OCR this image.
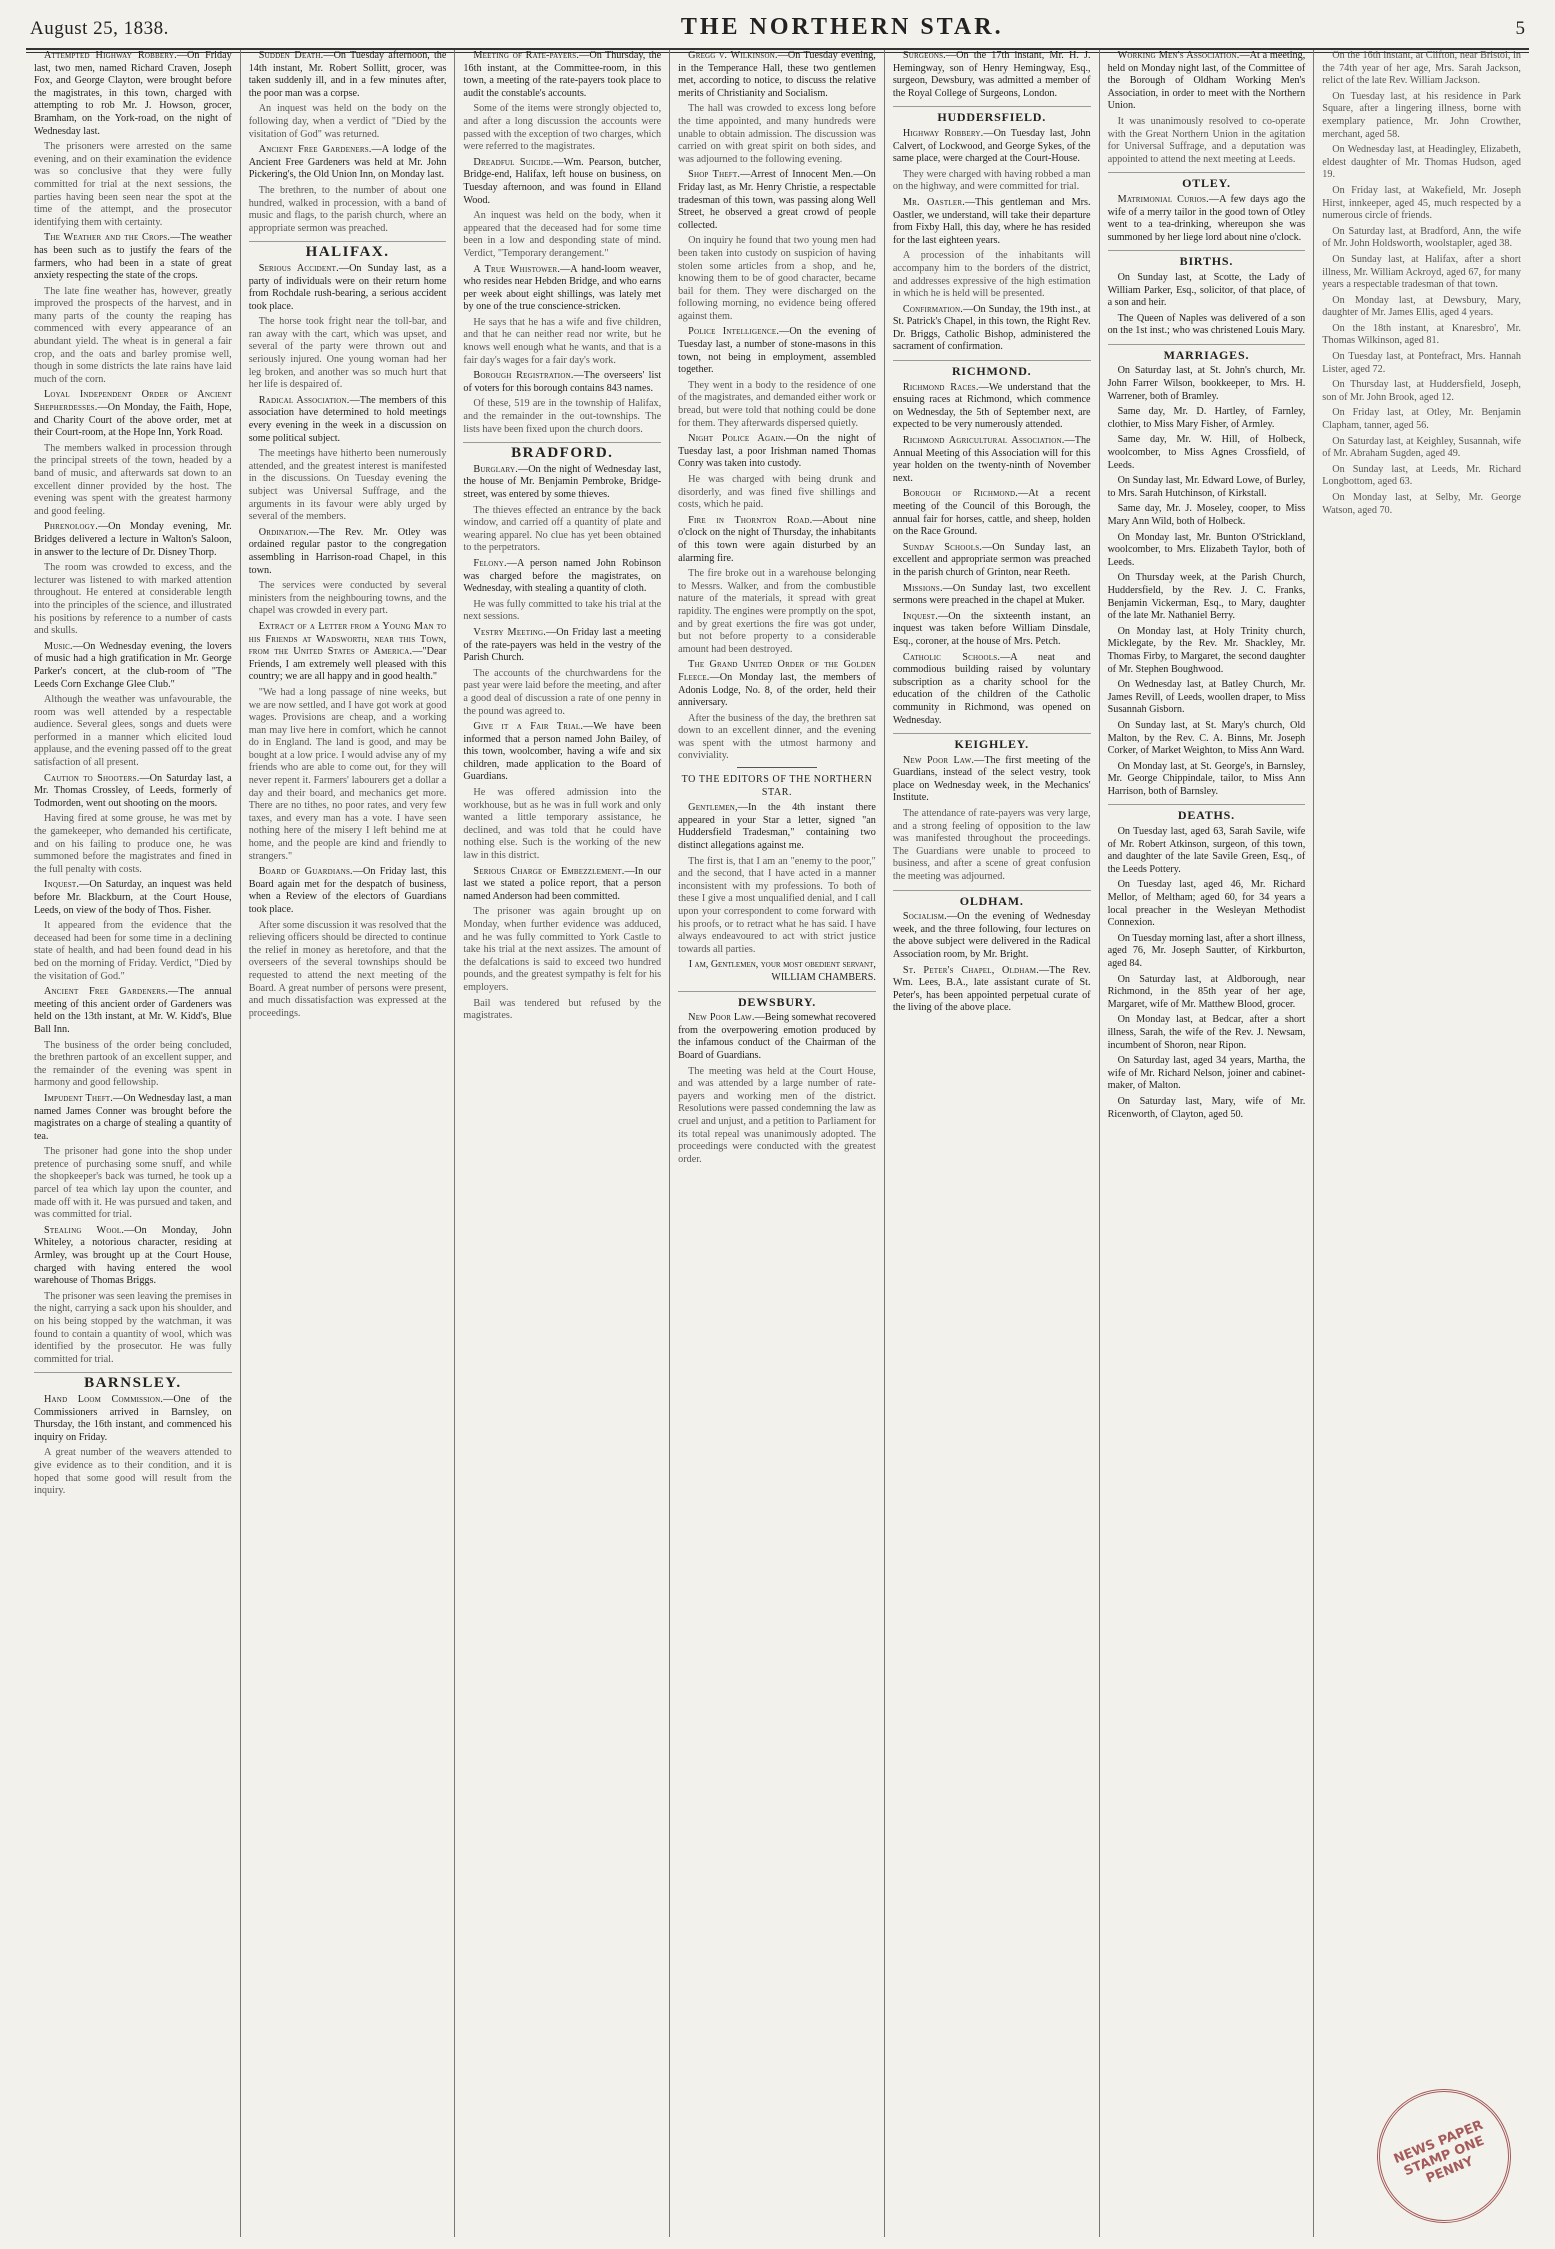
August 25, 1838.	THE NORTHERN STAR.	5

Attempted Highway Robbery.—On Friday last, two men, named Richard Craven, Joseph Fox, and George Clayton, were brought before the magistrates, in this town, charged with attempting to rob Mr. J. Howson, grocer, Bramham, on the York-road, on the night of Wednesday last.

The prisoners were arrested on the same evening, and on their examination the evidence was so conclusive that they were fully committed for trial at the next sessions, the parties having been seen near the spot at the time of the attempt, and the prosecutor identifying them with certainty.

The Weather and the Crops.—The weather has been such as to justify the fears of the farmers, who had been in a state of great anxiety respecting the state of the crops.

The late fine weather has, however, greatly improved the prospects of the harvest, and in many parts of the county the reaping has commenced with every appearance of an abundant yield. The wheat is in general a fair crop, and the oats and barley promise well, though in some districts the late rains have laid much of the corn.

Loyal Independent Order of Ancient Shepherdesses.—On Monday, the Faith, Hope, and Charity Court of the above order, met at their Court-room, at the Hope Inn, York Road.

The members walked in procession through the principal streets of the town, headed by a band of music, and afterwards sat down to an excellent dinner provided by the host. The evening was spent with the greatest harmony and good feeling.

Phrenology.—On Monday evening, Mr. Bridges delivered a lecture in Walton's Saloon, in answer to the lecture of Dr. Disney Thorp.

The room was crowded to excess, and the lecturer was listened to with marked attention throughout. He entered at considerable length into the principles of the science, and illustrated his positions by reference to a number of casts and skulls.

Music.—On Wednesday evening, the lovers of music had a high gratification in Mr. George Parker's concert, at the club-room of "The Leeds Corn Exchange Glee Club."

Although the weather was unfavourable, the room was well attended by a respectable audience. Several glees, songs and duets were performed in a manner which elicited loud applause, and the evening passed off to the great satisfaction of all present.

Caution to Shooters.—On Saturday last, a Mr. Thomas Crossley, of Leeds, formerly of Todmorden, went out shooting on the moors.

Having fired at some grouse, he was met by the gamekeeper, who demanded his certificate, and on his failing to produce one, he was summoned before the magistrates and fined in the full penalty with costs.

Inquest.—On Saturday, an inquest was held before Mr. Blackburn, at the Court House, Leeds, on view of the body of Thos. Fisher.

It appeared from the evidence that the deceased had been for some time in a declining state of health, and had been found dead in his bed on the morning of Friday. Verdict, "Died by the visitation of God."

Ancient Free Gardeners.—The annual meeting of this ancient order of Gardeners was held on the 13th instant, at Mr. W. Kidd's, Blue Ball Inn.

The business of the order being concluded, the brethren partook of an excellent supper, and the remainder of the evening was spent in harmony and good fellowship.

Impudent Theft.—On Wednesday last, a man named James Conner was brought before the magistrates on a charge of stealing a quantity of tea.

The prisoner had gone into the shop under pretence of purchasing some snuff, and while the shopkeeper's back was turned, he took up a parcel of tea which lay upon the counter, and made off with it. He was pursued and taken, and was committed for trial.

Stealing Wool.—On Monday, John Whiteley, a notorious character, residing at Armley, was brought up at the Court House, charged with having entered the wool warehouse of Thomas Briggs.

The prisoner was seen leaving the premises in the night, carrying a sack upon his shoulder, and on his being stopped by the watchman, it was found to contain a quantity of wool, which was identified by the prosecutor. He was fully committed for trial.

BARNSLEY.

Hand Loom Commission.—One of the Commissioners arrived in Barnsley, on Thursday, the 16th instant, and commenced his inquiry on Friday.

A great number of the weavers attended to give evidence as to their condition, and it is hoped that some good will result from the inquiry.

Sudden Death.—On Tuesday afternoon, the 14th instant, Mr. Robert Sollitt, grocer, was taken suddenly ill, and in a few minutes after, the poor man was a corpse.

An inquest was held on the body on the following day, when a verdict of "Died by the visitation of God" was returned.

Ancient Free Gardeners.—A lodge of the Ancient Free Gardeners was held at Mr. John Pickering's, the Old Union Inn, on Monday last.

The brethren, to the number of about one hundred, walked in procession, with a band of music and flags, to the parish church, where an appropriate sermon was preached.

HALIFAX.

Serious Accident.—On Sunday last, as a party of individuals were on their return home from Rochdale rush-bearing, a serious accident took place.

The horse took fright near the toll-bar, and ran away with the cart, which was upset, and several of the party were thrown out and seriously injured. One young woman had her leg broken, and another was so much hurt that her life is despaired of.

Radical Association.—The members of this association have determined to hold meetings every evening in the week in a discussion on some political subject.

The meetings have hitherto been numerously attended, and the greatest interest is manifested in the discussions. On Tuesday evening the subject was Universal Suffrage, and the arguments in its favour were ably urged by several of the members.

Ordination.—The Rev. Mr. Otley was ordained regular pastor to the congregation assembling in Harrison-road Chapel, in this town.

The services were conducted by several ministers from the neighbouring towns, and the chapel was crowded in every part.

Extract of a Letter from a Young Man to his Friends at Wadsworth, near this Town, from the United States of America.—"Dear Friends, I am extremely well pleased with this country; we are all happy and in good health."

"We had a long passage of nine weeks, but we are now settled, and I have got work at good wages. Provisions are cheap, and a working man may live here in comfort, which he cannot do in England. The land is good, and may be bought at a low price. I would advise any of my friends who are able to come out, for they will never repent it. Farmers' labourers get a dollar a day and their board, and mechanics get more. There are no tithes, no poor rates, and very few taxes, and every man has a vote. I have seen nothing here of the misery I left behind me at home, and the people are kind and friendly to strangers."

Board of Guardians.—On Friday last, this Board again met for the despatch of business, when a Review of the electors of Guardians took place.

After some discussion it was resolved that the relieving officers should be directed to continue the relief in money as heretofore, and that the overseers of the several townships should be requested to attend the next meeting of the Board. A great number of persons were present, and much dissatisfaction was expressed at the proceedings.

Meeting of Rate-payers.—On Thursday, the 16th instant, at the Committee-room, in this town, a meeting of the rate-payers took place to audit the constable's accounts.

Some of the items were strongly objected to, and after a long discussion the accounts were passed with the exception of two charges, which were referred to the magistrates.

Dreadful Suicide.—Wm. Pearson, butcher, Bridge-end, Halifax, left house on business, on Tuesday afternoon, and was found in Elland Wood.

An inquest was held on the body, when it appeared that the deceased had for some time been in a low and desponding state of mind. Verdict, "Temporary derangement."

A True Whistower.—A hand-loom weaver, who resides near Hebden Bridge, and who earns per week about eight shillings, was lately met by one of the true conscience-stricken.

He says that he has a wife and five children, and that he can neither read nor write, but he knows well enough what he wants, and that is a fair day's wages for a fair day's work.

Borough Registration.—The overseers' list of voters for this borough contains 843 names.

Of these, 519 are in the township of Halifax, and the remainder in the out-townships. The lists have been fixed upon the church doors.

BRADFORD.

Burglary.—On the night of Wednesday last, the house of Mr. Benjamin Pembroke, Bridge-street, was entered by some thieves.

The thieves effected an entrance by the back window, and carried off a quantity of plate and wearing apparel. No clue has yet been obtained to the perpetrators.

Felony.—A person named John Robinson was charged before the magistrates, on Wednesday, with stealing a quantity of cloth.

He was fully committed to take his trial at the next sessions.

Vestry Meeting.—On Friday last a meeting of the rate-payers was held in the vestry of the Parish Church.

The accounts of the churchwardens for the past year were laid before the meeting, and after a good deal of discussion a rate of one penny in the pound was agreed to.

Give it a Fair Trial.—We have been informed that a person named John Bailey, of this town, woolcomber, having a wife and six children, made application to the Board of Guardians.

He was offered admission into the workhouse, but as he was in full work and only wanted a little temporary assistance, he declined, and was told that he could have nothing else. Such is the working of the new law in this district.

Serious Charge of Embezzlement.—In our last we stated a police report, that a person named Anderson had been committed.

The prisoner was again brought up on Monday, when further evidence was adduced, and he was fully committed to York Castle to take his trial at the next assizes. The amount of the defalcations is said to exceed two hundred pounds, and the greatest sympathy is felt for his employers.

Bail was tendered but refused by the magistrates.

Gregg v. Wilkinson.—On Tuesday evening, in the Temperance Hall, these two gentlemen met, according to notice, to discuss the relative merits of Christianity and Socialism.

The hall was crowded to excess long before the time appointed, and many hundreds were unable to obtain admission. The discussion was carried on with great spirit on both sides, and was adjourned to the following evening.

Shop Theft.—Arrest of Innocent Men.—On Friday last, as Mr. Henry Christie, a respectable tradesman of this town, was passing along Well Street, he observed a great crowd of people collected.

On inquiry he found that two young men had been taken into custody on suspicion of having stolen some articles from a shop, and he, knowing them to be of good character, became bail for them. They were discharged on the following morning, no evidence being offered against them.

Police Intelligence.—On the evening of Tuesday last, a number of stone-masons in this town, not being in employment, assembled together.

They went in a body to the residence of one of the magistrates, and demanded either work or bread, but were told that nothing could be done for them. They afterwards dispersed quietly.

Night Police Again.—On the night of Tuesday last, a poor Irishman named Thomas Conry was taken into custody.

He was charged with being drunk and disorderly, and was fined five shillings and costs, which he paid.

Fire in Thornton Road.—About nine o'clock on the night of Thursday, the inhabitants of this town were again disturbed by an alarming fire.

The fire broke out in a warehouse belonging to Messrs. Walker, and from the combustible nature of the materials, it spread with great rapidity. The engines were promptly on the spot, and by great exertions the fire was got under, but not before property to a considerable amount had been destroyed.

The Grand United Order of the Golden Fleece.—On Monday last, the members of Adonis Lodge, No. 8, of the order, held their anniversary.

After the business of the day, the brethren sat down to an excellent dinner, and the evening was spent with the utmost harmony and conviviality.

TO THE EDITORS OF THE NORTHERN STAR.

Gentlemen,—In the 4th instant there appeared in your Star a letter, signed "an Huddersfield Tradesman," containing two distinct allegations against me.

The first is, that I am an "enemy to the poor," and the second, that I have acted in a manner inconsistent with my professions. To both of these I give a most unqualified denial, and I call upon your correspondent to come forward with his proofs, or to retract what he has said. I have always endeavoured to act with strict justice towards all parties.

I am, Gentlemen, your most obedient servant, WILLIAM CHAMBERS.
DEWSBURY.

New Poor Law.—Being somewhat recovered from the overpowering emotion produced by the infamous conduct of the Chairman of the Board of Guardians.

The meeting was held at the Court House, and was attended by a large number of rate-payers and working men of the district. Resolutions were passed condemning the law as cruel and unjust, and a petition to Parliament for its total repeal was unanimously adopted. The proceedings were conducted with the greatest order.

Surgeons.—On the 17th instant, Mr. H. J. Hemingway, son of Henry Hemingway, Esq., surgeon, Dewsbury, was admitted a member of the Royal College of Surgeons, London.

HUDDERSFIELD.

Highway Robbery.—On Tuesday last, John Calvert, of Lockwood, and George Sykes, of the same place, were charged at the Court-House.

They were charged with having robbed a man on the highway, and were committed for trial.

Mr. Oastler.—This gentleman and Mrs. Oastler, we understand, will take their departure from Fixby Hall, this day, where he has resided for the last eighteen years.

A procession of the inhabitants will accompany him to the borders of the district, and addresses expressive of the high estimation in which he is held will be presented.

Confirmation.—On Sunday, the 19th inst., at St. Patrick's Chapel, in this town, the Right Rev. Dr. Briggs, Catholic Bishop, administered the sacrament of confirmation.

RICHMOND.

Richmond Races.—We understand that the ensuing races at Richmond, which commence on Wednesday, the 5th of September next, are expected to be very numerously attended.

Richmond Agricultural Association.—The Annual Meeting of this Association will for this year holden on the twenty-ninth of November next.

Borough of Richmond.—At a recent meeting of the Council of this Borough, the annual fair for horses, cattle, and sheep, holden on the Race Ground.

Sunday Schools.—On Sunday last, an excellent and appropriate sermon was preached in the parish church of Grinton, near Reeth.

Missions.—On Sunday last, two excellent sermons were preached in the chapel at Muker.

Inquest.—On the sixteenth instant, an inquest was taken before William Dinsdale, Esq., coroner, at the house of Mrs. Petch.

Catholic Schools.—A neat and commodious building raised by voluntary subscription as a charity school for the education of the children of the Catholic community in Richmond, was opened on Wednesday.

KEIGHLEY.

New Poor Law.—The first meeting of the Guardians, instead of the select vestry, took place on Wednesday week, in the Mechanics' Institute.

The attendance of rate-payers was very large, and a strong feeling of opposition to the law was manifested throughout the proceedings. The Guardians were unable to proceed to business, and after a scene of great confusion the meeting was adjourned.

OLDHAM.

Socialism.—On the evening of Wednesday week, and the three following, four lectures on the above subject were delivered in the Radical Association room, by Mr. Bright.

St. Peter's Chapel, Oldham.—The Rev. Wm. Lees, B.A., late assistant curate of St. Peter's, has been appointed perpetual curate of the living of the above place.

Working Men's Association.—At a meeting, held on Monday night last, of the Committee of the Borough of Oldham Working Men's Association, in order to meet with the Northern Union.

It was unanimously resolved to co-operate with the Great Northern Union in the agitation for Universal Suffrage, and a deputation was appointed to attend the next meeting at Leeds.

OTLEY.

Matrimonial Curios.—A few days ago the wife of a merry tailor in the good town of Otley went to a tea-drinking, whereupon she was summoned by her liege lord about nine o'clock.

BIRTHS.

On Sunday last, at Scotte, the Lady of William Parker, Esq., solicitor, of that place, of a son and heir.

The Queen of Naples was delivered of a son on the 1st inst.; who was christened Louis Mary.

MARRIAGES.

On Saturday last, at St. John's church, Mr. John Farrer Wilson, bookkeeper, to Mrs. H. Warrener, both of Bramley.

Same day, Mr. D. Hartley, of Farnley, clothier, to Miss Mary Fisher, of Armley.

Same day, Mr. W. Hill, of Holbeck, woolcomber, to Miss Agnes Crossfield, of Leeds.

On Sunday last, Mr. Edward Lowe, of Burley, to Mrs. Sarah Hutchinson, of Kirkstall.

Same day, Mr. J. Moseley, cooper, to Miss Mary Ann Wild, both of Holbeck.

On Monday last, Mr. Bunton O'Strickland, woolcomber, to Mrs. Elizabeth Taylor, both of Leeds.

On Thursday week, at the Parish Church, Huddersfield, by the Rev. J. C. Franks, Benjamin Vickerman, Esq., to Mary, daughter of the late Mr. Nathaniel Berry.

On Monday last, at Holy Trinity church, Micklegate, by the Rev. Mr. Shackley, Mr. Thomas Firby, to Margaret, the second daughter of Mr. Stephen Boughwood.

On Wednesday last, at Batley Church, Mr. James Revill, of Leeds, woollen draper, to Miss Susannah Gisborn.

On Sunday last, at St. Mary's church, Old Malton, by the Rev. C. A. Binns, Mr. Joseph Corker, of Market Weighton, to Miss Ann Ward.

On Monday last, at St. George's, in Barnsley, Mr. George Chippindale, tailor, to Miss Ann Harrison, both of Barnsley.

DEATHS.

On Tuesday last, aged 63, Sarah Savile, wife of Mr. Robert Atkinson, surgeon, of this town, and daughter of the late Savile Green, Esq., of the Leeds Pottery.

On Tuesday last, aged 46, Mr. Richard Mellor, of Meltham; aged 60, for 34 years a local preacher in the Wesleyan Methodist Connexion.

On Tuesday morning last, after a short illness, aged 76, Mr. Joseph Sautter, of Kirkburton, aged 84.

On Saturday last, at Aldborough, near Richmond, in the 85th year of her age, Margaret, wife of Mr. Matthew Blood, grocer.

On Monday last, at Bedcar, after a short illness, Sarah, the wife of the Rev. J. Newsam, incumbent of Shoron, near Ripon.

On Saturday last, aged 34 years, Martha, the wife of Mr. Richard Nelson, joiner and cabinet-maker, of Malton.

On Saturday last, Mary, wife of Mr. Ricenworth, of Clayton, aged 50.

On the 16th instant, at Clifton, near Bristol, in the 74th year of her age, Mrs. Sarah Jackson, relict of the late Rev. William Jackson.

On Tuesday last, at his residence in Park Square, after a lingering illness, borne with exemplary patience, Mr. John Crowther, merchant, aged 58.

On Wednesday last, at Headingley, Elizabeth, eldest daughter of Mr. Thomas Hudson, aged 19.

On Friday last, at Wakefield, Mr. Joseph Hirst, innkeeper, aged 45, much respected by a numerous circle of friends.

On Saturday last, at Bradford, Ann, the wife of Mr. John Holdsworth, woolstapler, aged 38.

On Sunday last, at Halifax, after a short illness, Mr. William Ackroyd, aged 67, for many years a respectable tradesman of that town.

On Monday last, at Dewsbury, Mary, daughter of Mr. James Ellis, aged 4 years.

On the 18th instant, at Knaresbro', Mr. Thomas Wilkinson, aged 81.

On Tuesday last, at Pontefract, Mrs. Hannah Lister, aged 72.

On Thursday last, at Huddersfield, Joseph, son of Mr. John Brook, aged 12.

On Friday last, at Otley, Mr. Benjamin Clapham, tanner, aged 56.

On Saturday last, at Keighley, Susannah, wife of Mr. Abraham Sugden, aged 49.

On Sunday last, at Leeds, Mr. Richard Longbottom, aged 63.

On Monday last, at Selby, Mr. George Watson, aged 70.

NEWS PAPER STAMP ONE PENNY
